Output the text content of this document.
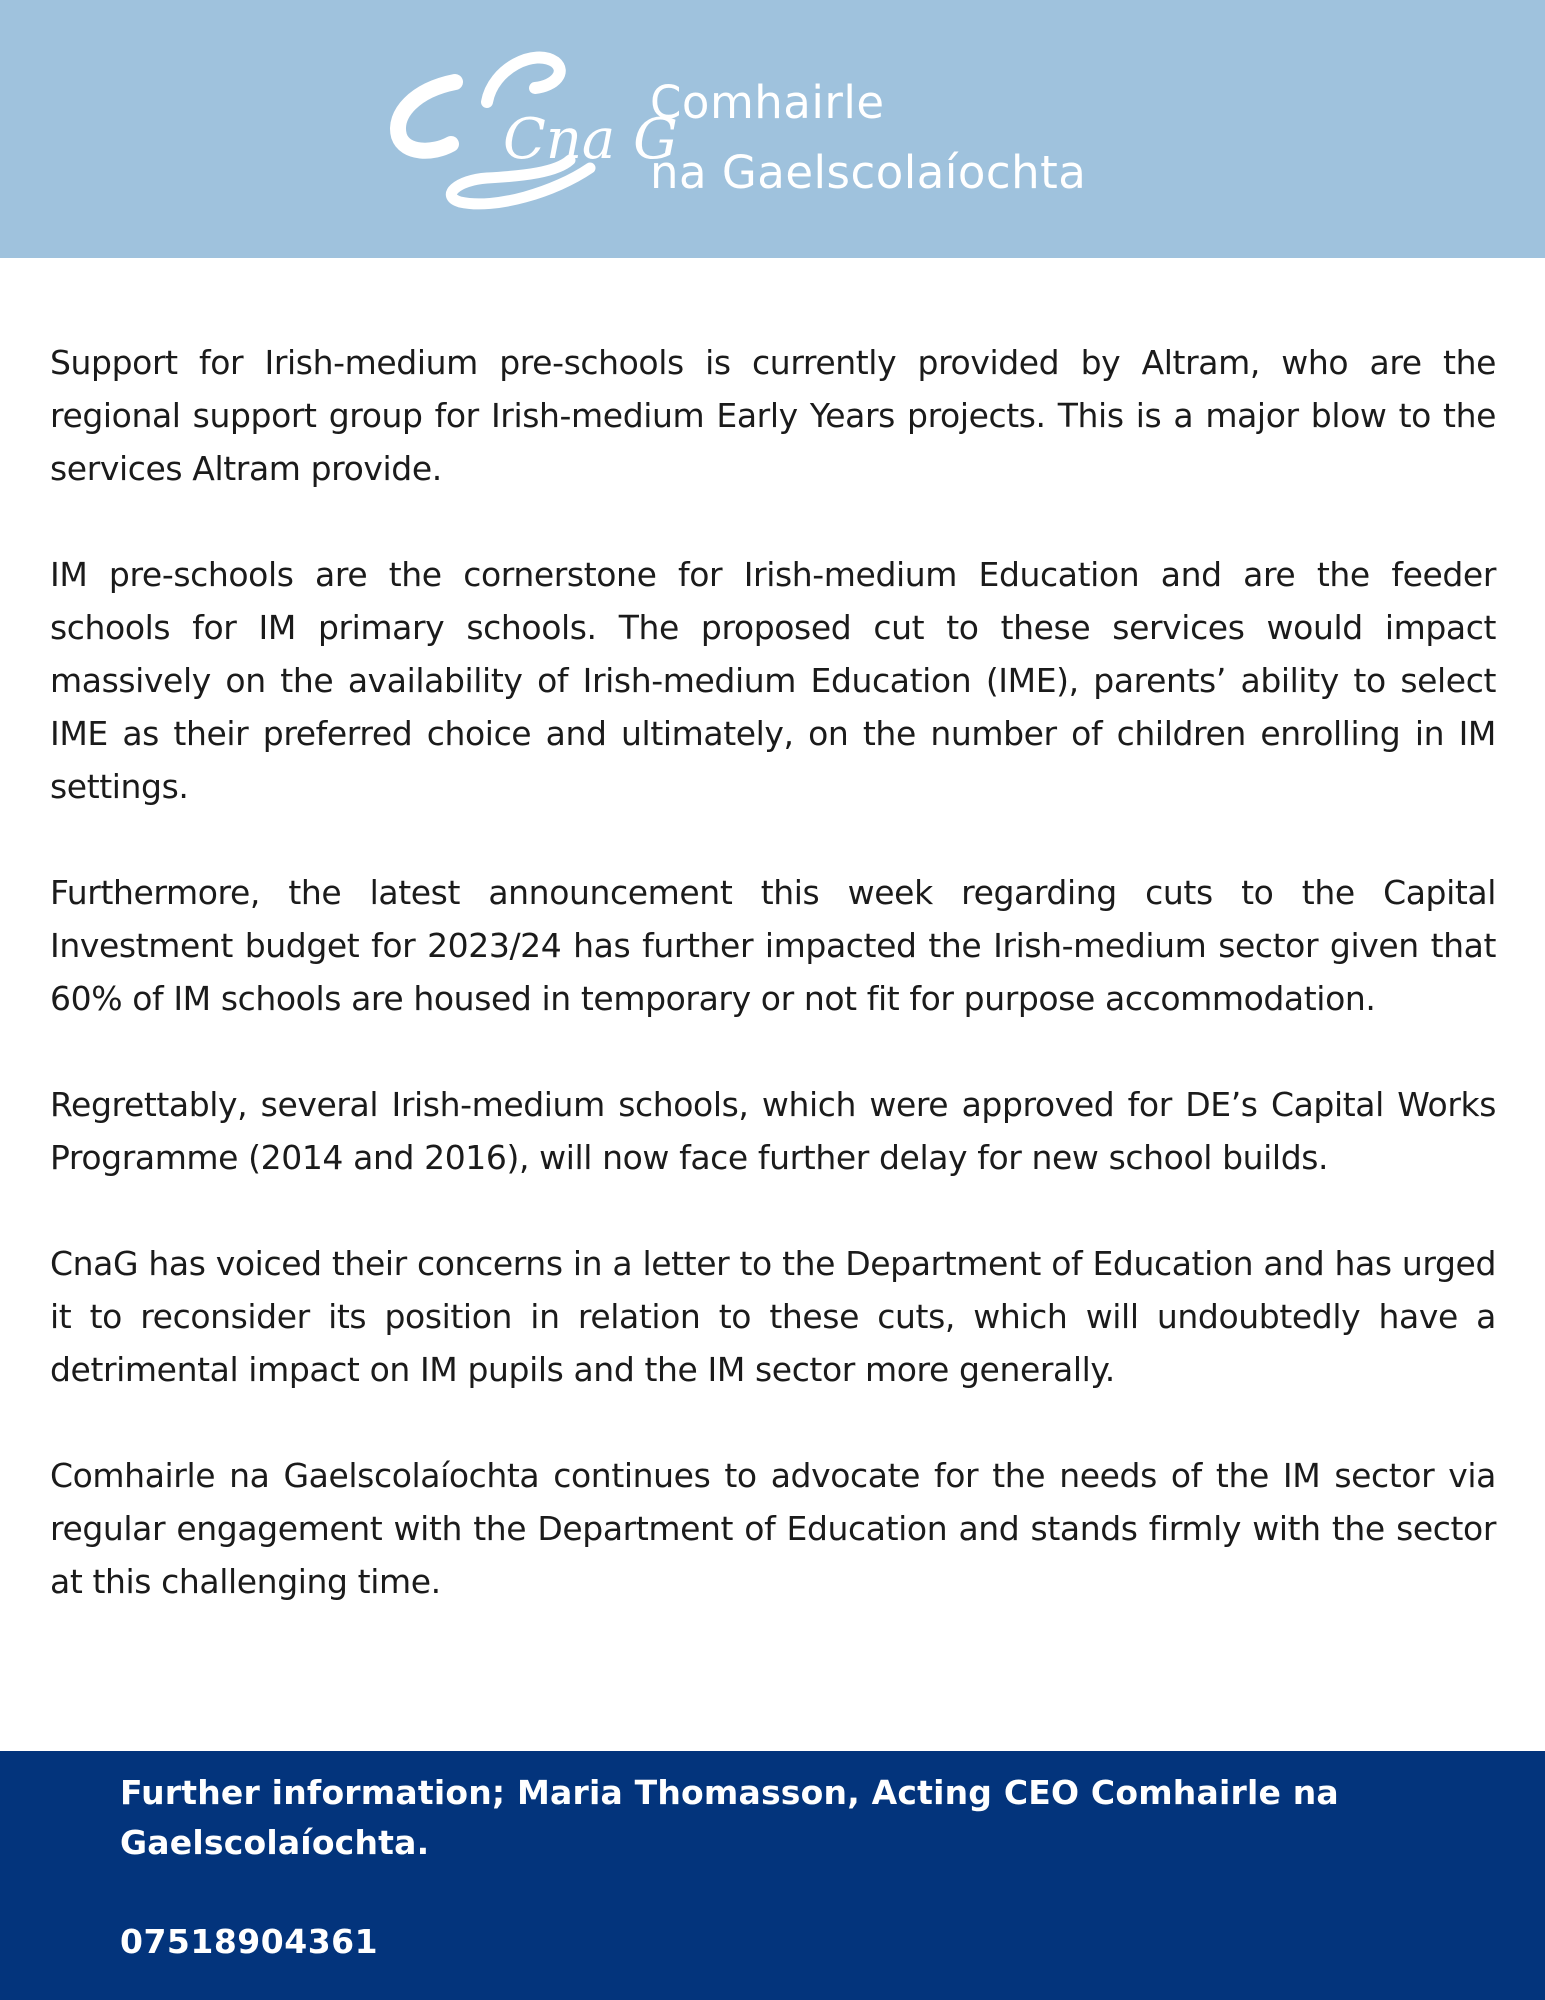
Cna G
Comhairle
na Gaelscolaíochta

Support for Irish-medium pre-schools is currently provided by Altram, who are the regional support group for Irish-medium Early Years projects. This is a major blow to the services Altram provide.

IM pre-schools are the cornerstone for Irish-medium Education and are the feeder schools for IM primary schools. The proposed cut to these services would impact massively on the availability of Irish-medium Education (IME), parents’ ability to select IME as their preferred choice and ultimately, on the number of children enrolling in IM settings.

Furthermore, the latest announcement this week regarding cuts to the Capital Investment budget for 2023/24 has further impacted the Irish-medium sector given that 60% of IM schools are housed in temporary or not fit for purpose accommodation.

Regrettably, several Irish-medium schools, which were approved for DE’s Capital Works Programme (2014 and 2016), will now face further delay for new school builds.

CnaG has voiced their concerns in a letter to the Department of Education and has urged it to reconsider its position in relation to these cuts, which will undoubtedly have a detrimental impact on IM pupils and the IM sector more generally.

Comhairle na Gaelscolaíochta continues to advocate for the needs of the IM sector via regular engagement with the Department of Education and stands firmly with the sector at this challenging time.

Further information; Maria Thomasson, Acting CEO Comhairle na Gaelscolaíochta.
07518904361
